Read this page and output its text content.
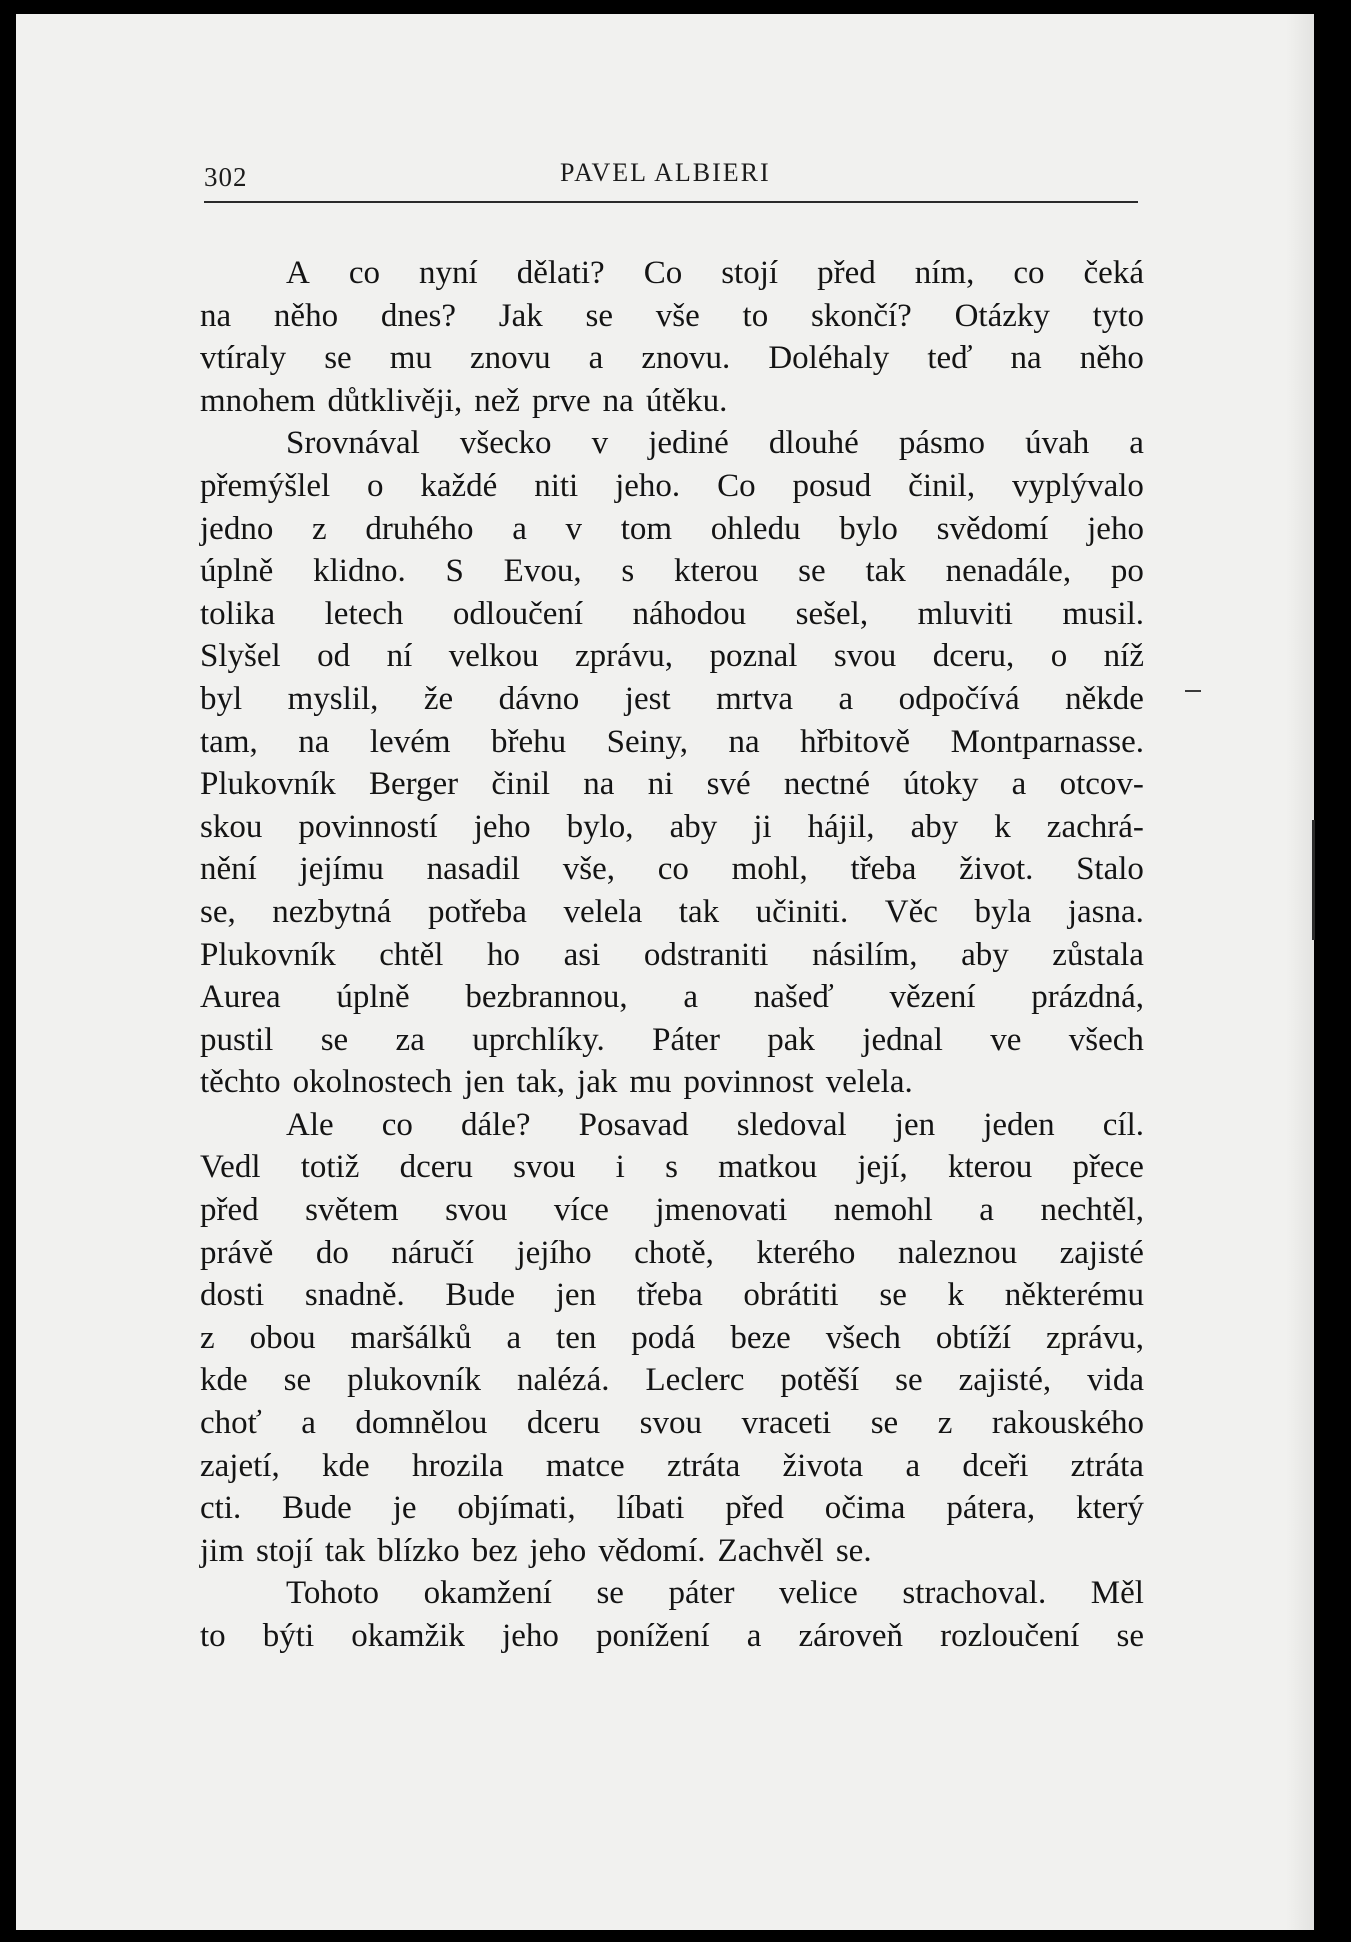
302	PAVEL ALBIERI
A co nyní dělati? Co stojí před ním, co čeká
na něho dnes? Jak se vše to skončí? Otázky tyto
vtíraly se mu znovu a znovu. Doléhaly teď na něho
mnohem důtklivěji, než prve na útěku.
Srovnával všecko v jediné dlouhé pásmo úvah a
přemýšlel o každé niti jeho. Co posud činil, vyplývalo
jedno z druhého a v tom ohledu bylo svědomí jeho
úplně klidno. S Evou, s kterou se tak nenadále, po
tolika letech odloučení náhodou sešel, mluviti musil.
Slyšel od ní velkou zprávu, poznal svou dceru, o níž
byl myslil, že dávno jest mrtva a odpočívá někde
tam, na levém břehu Seiny, na hřbitově Montparnasse.
Plukovník Berger činil na ni své nectné útoky a otcov-
skou povinností jeho bylo, aby ji hájil, aby k zachrá-
nění jejímu nasadil vše, co mohl, třeba život. Stalo
se, nezbytná potřeba velela tak učiniti. Věc byla jasna.
Plukovník chtěl ho asi odstraniti násilím, aby zůstala
Aurea úplně bezbrannou, a našeď vězení prázdná,
pustil se za uprchlíky. Páter pak jednal ve všech
těchto okolnostech jen tak, jak mu povinnost velela.
Ale co dále? Posavad sledoval jen jeden cíl.
Vedl totiž dceru svou i s matkou její, kterou přece
před světem svou více jmenovati nemohl a nechtěl,
právě do náručí jejího chotě, kterého naleznou zajisté
dosti snadně. Bude jen třeba obrátiti se k některému
z obou maršálků a ten podá beze všech obtíží zprávu,
kde se plukovník nalézá. Leclerc potěší se zajisté, vida
choť a domnělou dceru svou vraceti se z rakouského
zajetí, kde hrozila matce ztráta života a dceři ztráta
cti. Bude je objímati, líbati před očima pátera, který
jim stojí tak blízko bez jeho vědomí. Zachvěl se.
Tohoto okamžení se páter velice strachoval. Měl
to býti okamžik jeho ponížení a zároveň rozloučení se
